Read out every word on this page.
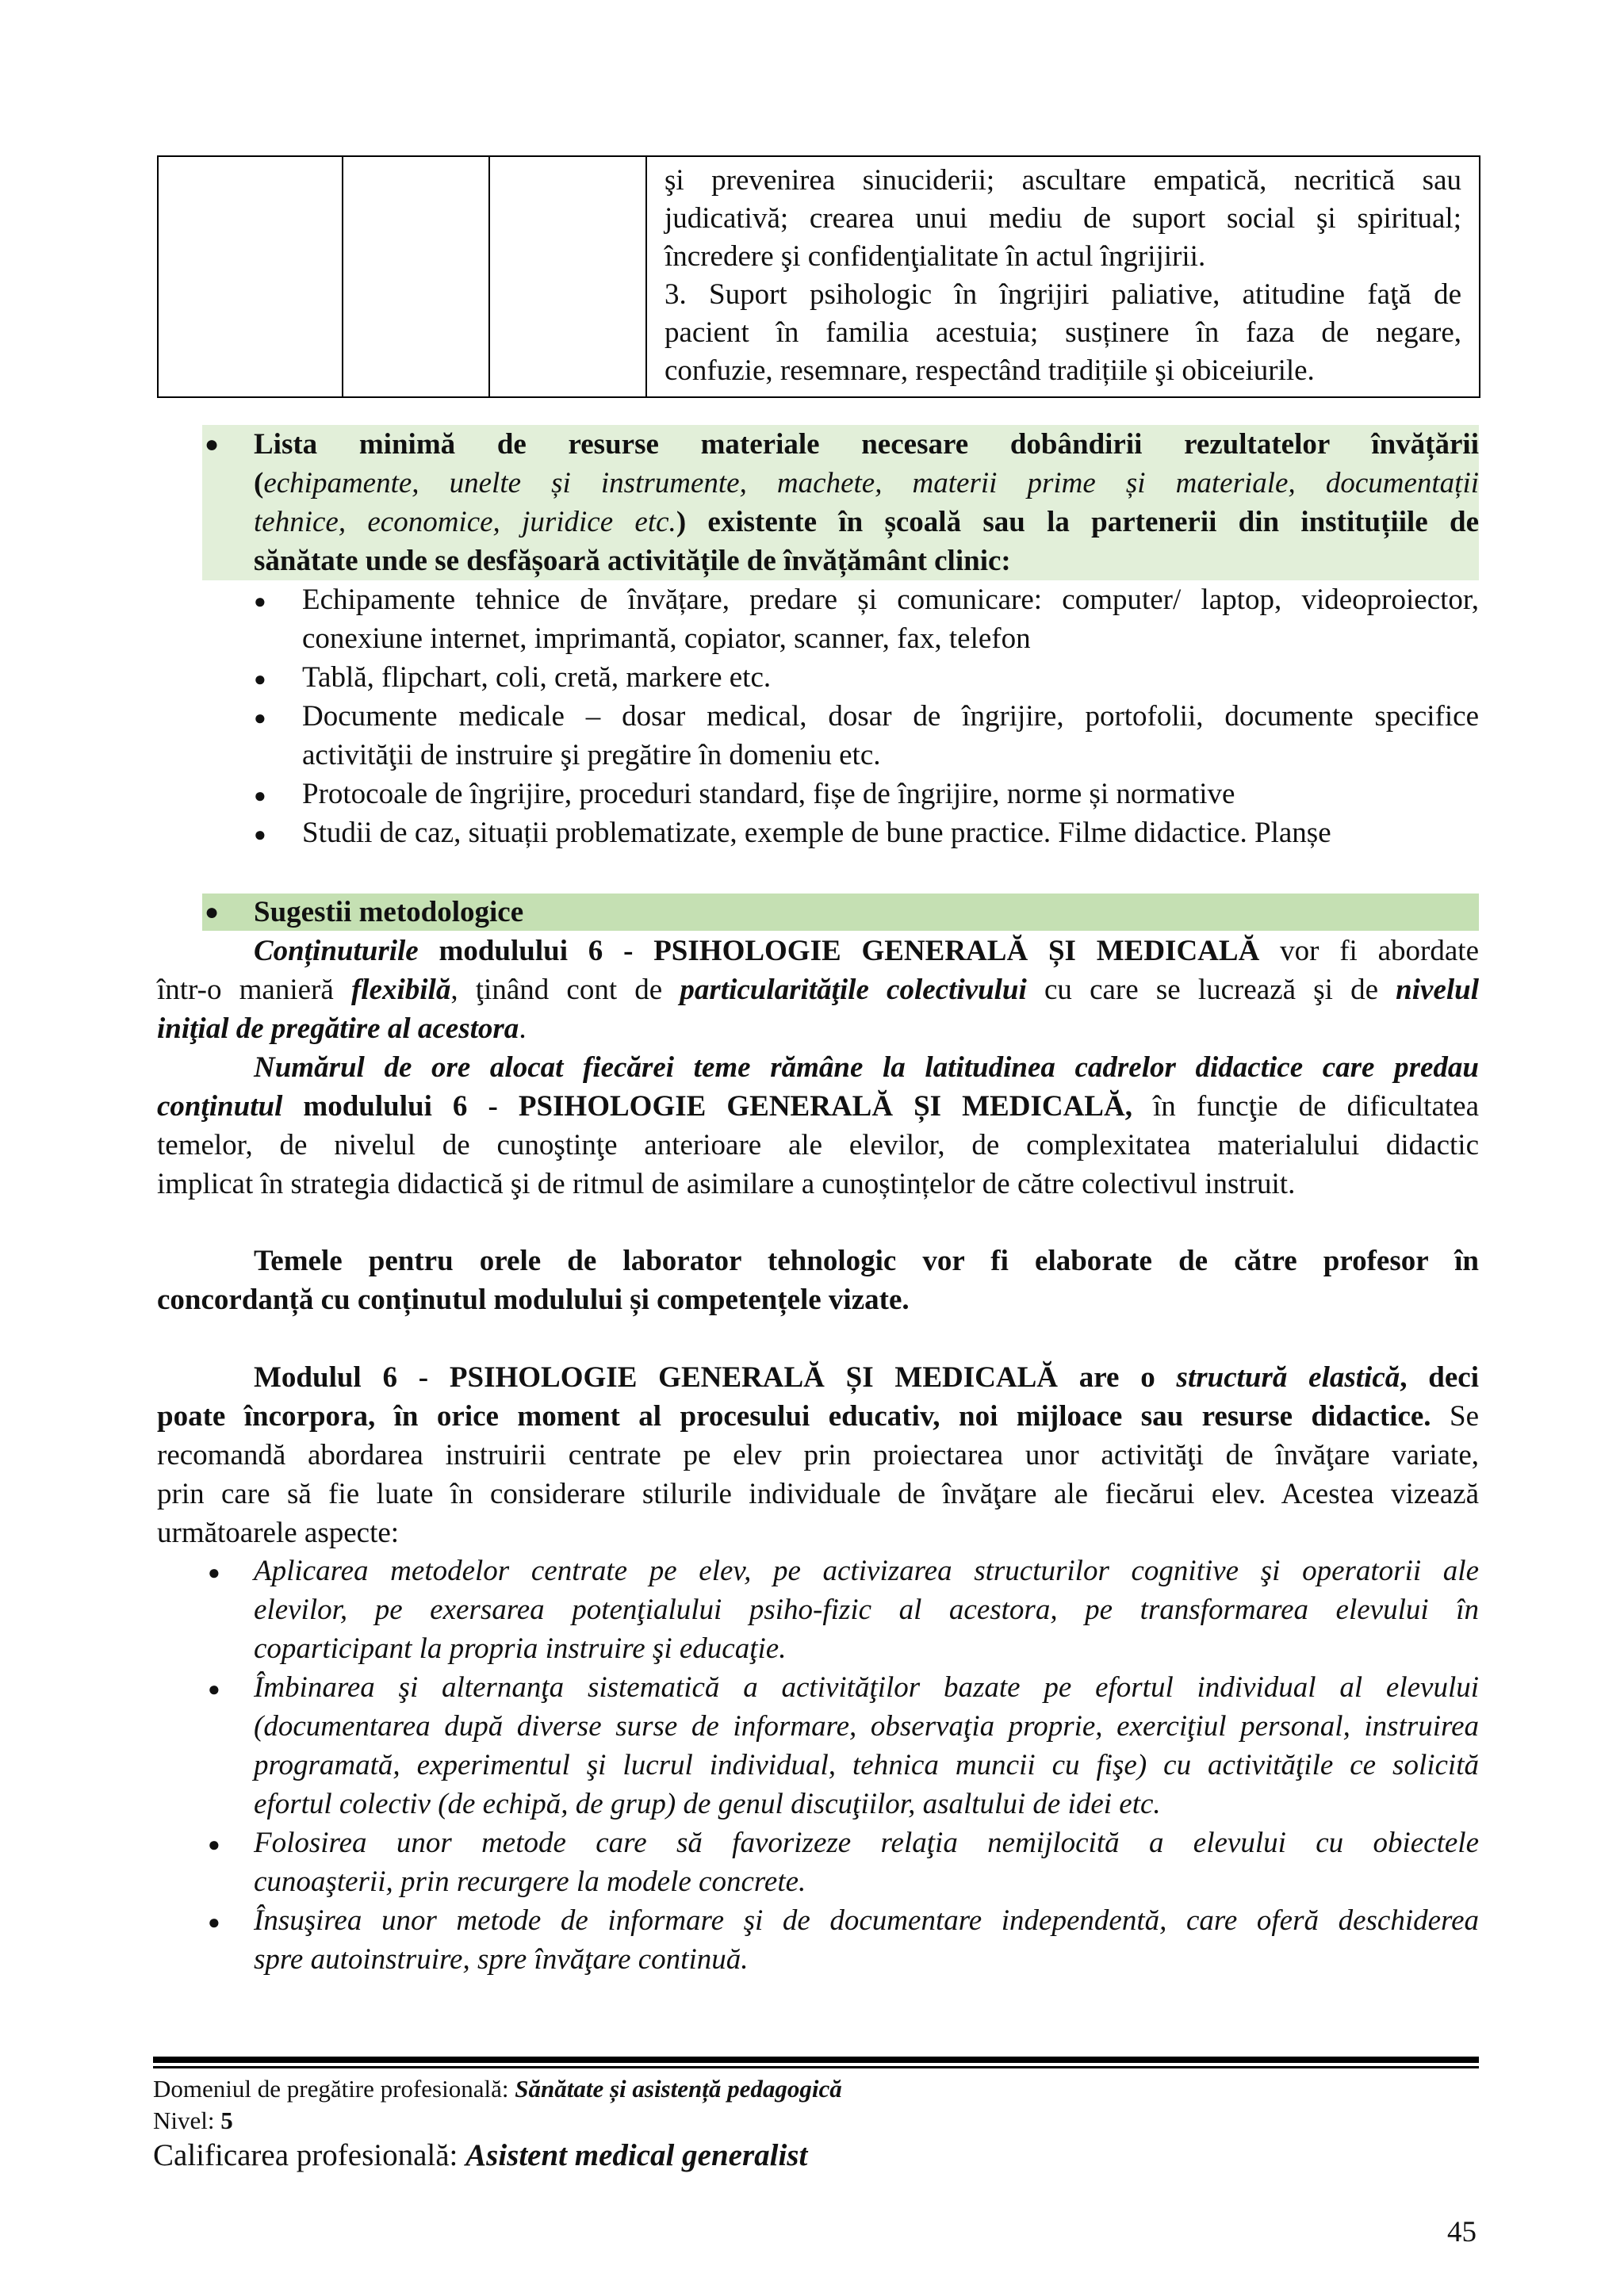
şi prevenirea sinuciderii; ascultare empatică, necritică sau
judicativă; crearea unui mediu de suport social şi spiritual;
încredere şi confidenţialitate în actul îngrijirii.
3. Suport psihologic în îngrijiri paliative, atitudine faţă de
pacient în familia acestuia; susținere în faza de negare,
confuzie, resemnare, respectând tradițiile şi obiceiurile.
● Lista minimă de resurse materiale necesare dobândirii rezultatelor învățării
(echipamente, unelte și instrumente, machete, materii prime și materiale, documentații
tehnice, economice, juridice etc.) existente în școală sau la partenerii din instituțiile de
sănătate unde se desfășoară activitățile de învățământ clinic:
● Echipamente tehnice de învățare, predare și comunicare: computer/ laptop, videoproiector,
conexiune internet, imprimantă, copiator, scanner, fax, telefon
● Tablă, flipchart, coli, cretă, markere etc.
● Documente medicale – dosar medical, dosar de îngrijire, portofolii, documente specifice
activităţii de instruire şi pregătire în domeniu etc.
● Protocoale de îngrijire, proceduri standard, fișe de îngrijire, norme și normative
● Studii de caz, situații problematizate, exemple de bune practice. Filme didactice. Planșe
● Sugestii metodologice
Conținuturile modulului 6 - PSIHOLOGIE GENERALĂ ȘI MEDICALĂ vor fi abordate
într-o manieră flexibilă, ţinând cont de particularităţile colectivului cu care se lucrează şi de nivelul
iniţial de pregătire al acestora.
Numărul de ore alocat fiecărei teme rămâne la latitudinea cadrelor didactice care predau
conţinutul modulului 6 - PSIHOLOGIE GENERALĂ ȘI MEDICALĂ, în funcţie de dificultatea
temelor, de nivelul de cunoştinţe anterioare ale elevilor, de complexitatea materialului didactic
implicat în strategia didactică şi de ritmul de asimilare a cunoștințelor de către colectivul instruit.
Temele pentru orele de laborator tehnologic vor fi elaborate de către profesor în
concordanță cu conținutul modulului și competențele vizate.
Modulul 6 - PSIHOLOGIE GENERALĂ ȘI MEDICALĂ are o structură elastică, deci
poate încorpora, în orice moment al procesului educativ, noi mijloace sau resurse didactice. Se
recomandă abordarea instruirii centrate pe elev prin proiectarea unor activităţi de învăţare variate,
prin care să fie luate în considerare stilurile individuale de învăţare ale fiecărui elev. Acestea vizează
următoarele aspecte:
● Aplicarea metodelor centrate pe elev, pe activizarea structurilor cognitive şi operatorii ale
elevilor, pe exersarea potenţialului psiho-fizic al acestora, pe transformarea elevului în
coparticipant la propria instruire şi educaţie.
● Îmbinarea şi alternanţa sistematică a activităţilor bazate pe efortul individual al elevului
(documentarea după diverse surse de informare, observaţia proprie, exerciţiul personal, instruirea
programată, experimentul şi lucrul individual, tehnica muncii cu fişe) cu activităţile ce solicită
efortul colectiv (de echipă, de grup) de genul discuţiilor, asaltului de idei etc.
● Folosirea unor metode care să favorizeze relaţia nemijlocită a elevului cu obiectele
cunoaşterii, prin recurgere la modele concrete.
● Însuşirea unor metode de informare şi de documentare independentă, care oferă deschiderea
spre autoinstruire, spre învăţare continuă.
Domeniul de pregătire profesională: Sănătate și asistență pedagogică
Nivel: 5
Calificarea profesională: Asistent medical generalist
45
